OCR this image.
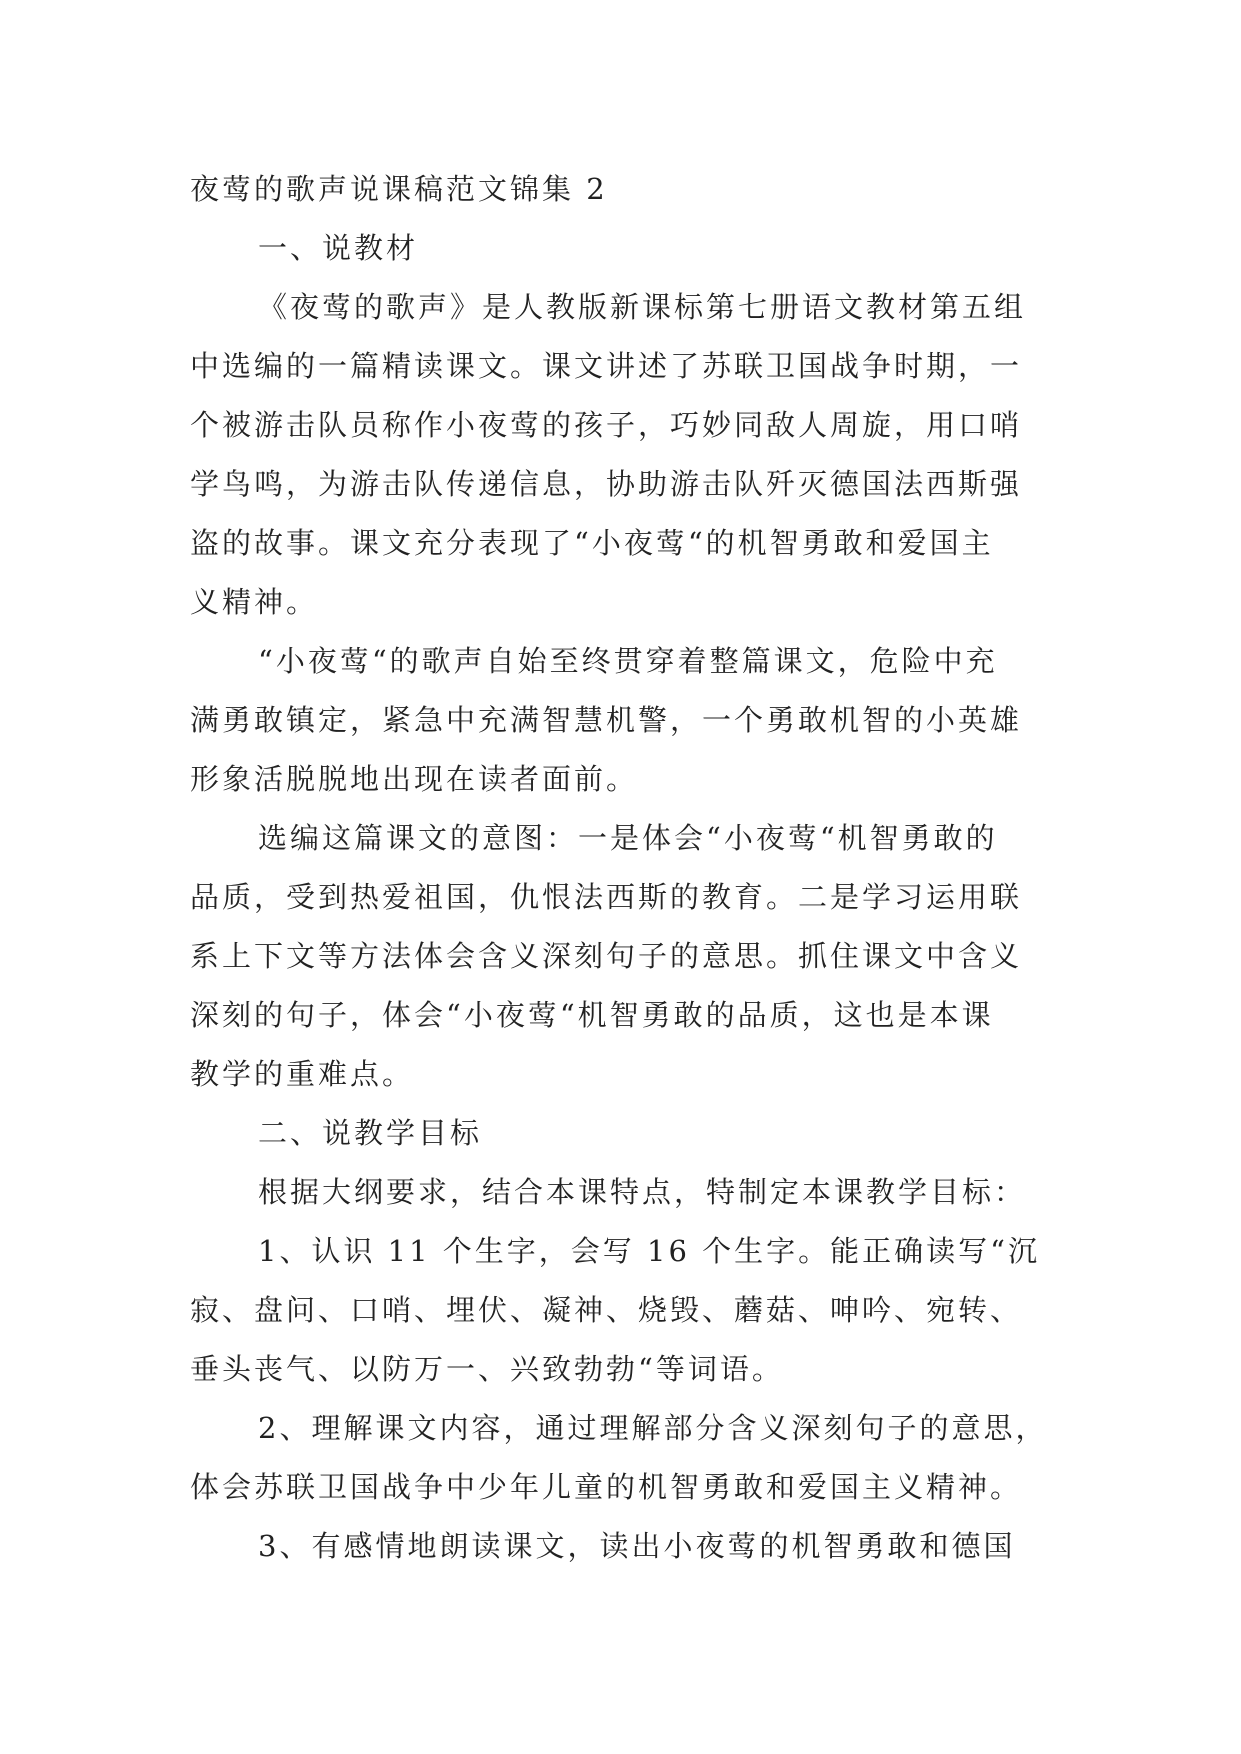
夜莺的歌声说课稿范文锦集 2

一、说教材

《夜莺的歌声》是人教版新课标第七册语文教材第五组

中选编的一篇精读课文。课文讲述了苏联卫国战争时期，一

个被游击队员称作小夜莺的孩子，巧妙同敌人周旋，用口哨

学鸟鸣，为游击队传递信息，协助游击队歼灭德国法西斯强

盗的故事。课文充分表现了“小夜莺“的机智勇敢和爱国主

义精神。

“小夜莺“的歌声自始至终贯穿着整篇课文，危险中充

满勇敢镇定，紧急中充满智慧机警，一个勇敢机智的小英雄

形象活脱脱地出现在读者面前。

选编这篇课文的意图：一是体会“小夜莺“机智勇敢的

品质，受到热爱祖国，仇恨法西斯的教育。二是学习运用联

系上下文等方法体会含义深刻句子的意思。抓住课文中含义

深刻的句子，体会“小夜莺“机智勇敢的品质，这也是本课

教学的重难点。

二、说教学目标

根据大纲要求，结合本课特点，特制定本课教学目标：

1、认识 11 个生字，会写 16 个生字。能正确读写“沉

寂、盘问、口哨、埋伏、凝神、烧毁、蘑菇、呻吟、宛转、

垂头丧气、以防万一、兴致勃勃“等词语。

2、理解课文内容，通过理解部分含义深刻句子的意思，

体会苏联卫国战争中少年儿童的机智勇敢和爱国主义精神。

3、有感情地朗读课文，读出小夜莺的机智勇敢和德国
